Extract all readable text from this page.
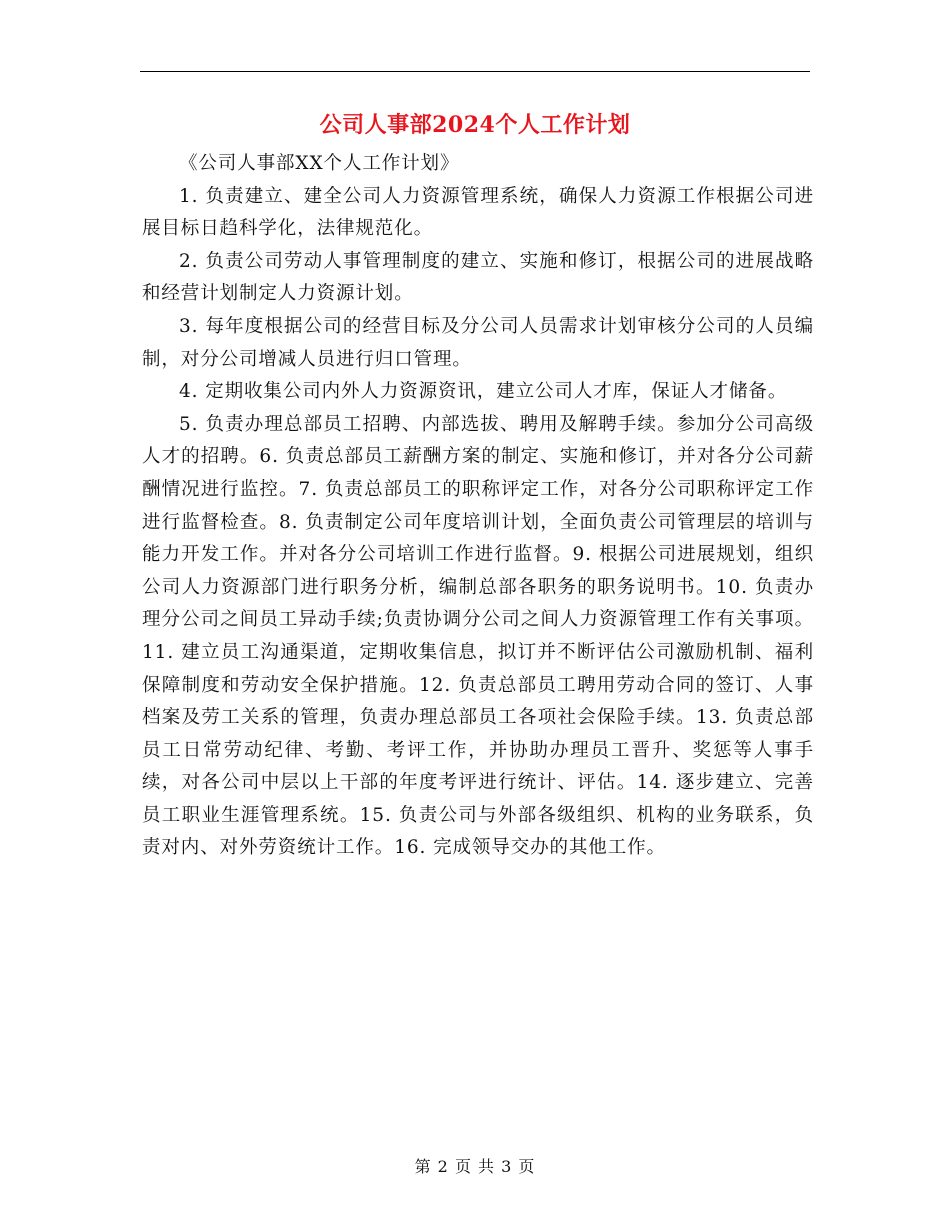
公司人事部2024个人工作计划

《公司人事部XX个人工作计划》

1. 负责建立、建全公司人力资源管理系统，确保人力资源工作根据公司进展目标日趋科学化，法律规范化。

2. 负责公司劳动人事管理制度的建立、实施和修订，根据公司的进展战略和经营计划制定人力资源计划。

3. 每年度根据公司的经营目标及分公司人员需求计划审核分公司的人员编制，对分公司增减人员进行归口管理。

4. 定期收集公司内外人力资源资讯，建立公司人才库，保证人才储备。

5. 负责办理总部员工招聘、内部选拔、聘用及解聘手续。参加分公司高级人才的招聘。6. 负责总部员工薪酬方案的制定、实施和修订，并对各分公司薪酬情况进行监控。7. 负责总部员工的职称评定工作，对各分公司职称评定工作进行监督检查。8. 负责制定公司年度培训计划，全面负责公司管理层的培训与能力开发工作。并对各分公司培训工作进行监督。9. 根据公司进展规划，组织公司人力资源部门进行职务分析，编制总部各职务的职务说明书。10. 负责办理分公司之间员工异动手续;负责协调分公司之间人力资源管理工作有关事项。11. 建立员工沟通渠道，定期收集信息，拟订并不断评估公司激励机制、福利保障制度和劳动安全保护措施。12. 负责总部员工聘用劳动合同的签订、人事档案及劳工关系的管理，负责办理总部员工各项社会保险手续。13. 负责总部员工日常劳动纪律、考勤、考评工作，并协助办理员工晋升、奖惩等人事手续，对各公司中层以上干部的年度考评进行统计、评估。14. 逐步建立、完善员工职业生涯管理系统。15. 负责公司与外部各级组织、机构的业务联系，负责对内、对外劳资统计工作。16. 完成领导交办的其他工作。

第 2 页 共 3 页
